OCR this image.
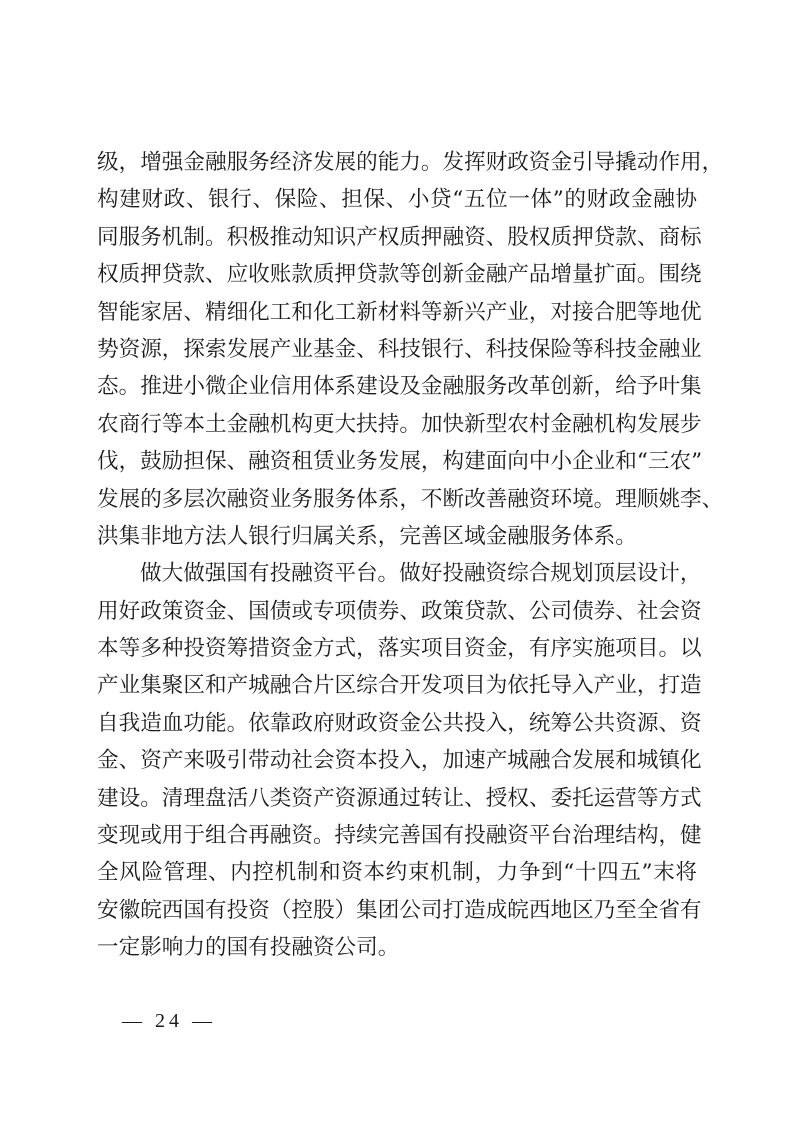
级，增强金融服务经济发展的能力。发挥财政资金引导撬动作用，
构建财政、银行、保险、担保、小贷“五位一体”的财政金融协
同服务机制。积极推动知识产权质押融资、股权质押贷款、商标
权质押贷款、应收账款质押贷款等创新金融产品增量扩面。围绕
智能家居、精细化工和化工新材料等新兴产业，对接合肥等地优
势资源，探索发展产业基金、科技银行、科技保险等科技金融业
态。推进小微企业信用体系建设及金融服务改革创新，给予叶集
农商行等本土金融机构更大扶持。加快新型农村金融机构发展步
伐，鼓励担保、融资租赁业务发展，构建面向中小企业和“三农”
发展的多层次融资业务服务体系，不断改善融资环境。理顺姚李、
洪集非地方法人银行归属关系，完善区域金融服务体系。
做大做强国有投融资平台。做好投融资综合规划顶层设计，
用好政策资金、国债或专项债券、政策贷款、公司债券、社会资
本等多种投资筹措资金方式，落实项目资金，有序实施项目。以
产业集聚区和产城融合片区综合开发项目为依托导入产业，打造
自我造血功能。依靠政府财政资金公共投入，统筹公共资源、资
金、资产来吸引带动社会资本投入，加速产城融合发展和城镇化
建设。清理盘活八类资产资源通过转让、授权、委托运营等方式
变现或用于组合再融资。持续完善国有投融资平台治理结构，健
全风险管理、内控机制和资本约束机制，力争到“十四五”末将
安徽皖西国有投资（控股）集团公司打造成皖西地区乃至全省有
一定影响力的国有投融资公司。
— 24 —
